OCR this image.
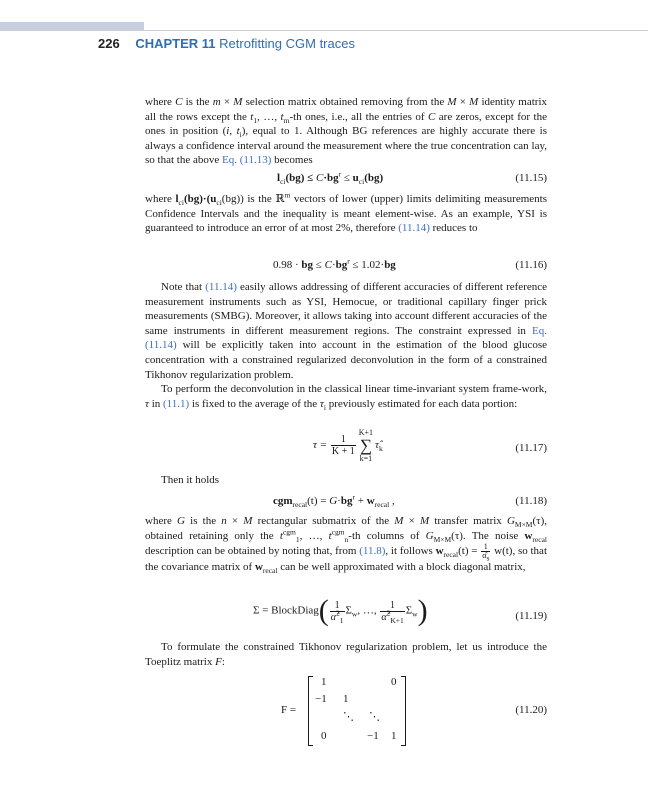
226 CHAPTER 11 Retrofitting CGM traces

where C is the m × M selection matrix obtained removing from the M × M identity matrix all the rows except the $t_1$, …, $t_m-th$ ones, i.e., all the entries of C are zeros, except for the ones in position (i, $t_i$), equal to 1. Although BG references are highly accurate there is always a confidence interval around the measurement where the true concentration can lay, so that the above Eq. (11.13) becomes

$l_{ci}(bg) \le C\cdot bg^r \le u_{ci}(bg)$	(11.15)

where $l_{ci}(bg)\cdot(u_{ci}(bg))$ is the ℝ$^m$ vectors of lower (upper) limits delimiting measurements Confidence Intervals and the inequality is meant element-wise. As an example, YSI is guaranteed to introduce an error of at most 2%, therefore (11.14) reduces to

0.98 · bg ≤ $C\cdot bg^r \le 1.02\cdot bg$	(11.16)

Note that (11.14) easily allows addressing of different accuracies of different reference measurement instruments such as YSI, Hemocue, or traditional capillary finger prick measurements (SMBG). Moreover, it allows taking into account different accuracies of the same instruments in different measurement regions. The constraint expressed in Eq. (11.14) will be explicitly taken into account in the estimation of the blood glucose concentration with a constrained regularized deconvolution in the form of a constrained Tikhonov regularization problem.

To perform the deconvolution in the classical linear time-invariant system frame-work, τ in (11.1) is fixed to the average of the $\tau_i$ previously estimated for each data portion:

$\tau = \frac{1}{K + 1}$
K+1
∑
$k=1\taû_k$	(11.17)

Then it holds

$cgm_{recal}(t) = G\cdot bg^r + w_{recal}$ ,	(11.18)

where G is the n × M rectangular submatrix of the M × M transfer matrix $G_{M\times M}(\tau)$, obtained retaining only the $t^{cgm}_1$, …, $t^{cgm}_n-th$ columns of $G_{M\times M}(\tau)$. The noise $w_{recal}$ description can be obtained by noting that, from (11.8), it follows $w_{recal}(t) = \frac{1}{\alphâ_s} w(t)$, so that the covariance matrix of $w_{recal}$ can be well approximated with a block diagonal matrix,

Σ = BlockDiag( $\frac{1}{\alphâ^2_1} \Sigma_w$, …, $\frac{1}{\alphâ^2_{K+1}} \Sigma_w$)	(11.19)

To formulate the constrained Tikhonov regularization problem, let us introduce the Toeplitz matrix F:

F =	(11.20)
1	0
−1 1
⋱ ⋱
0	−1 1
